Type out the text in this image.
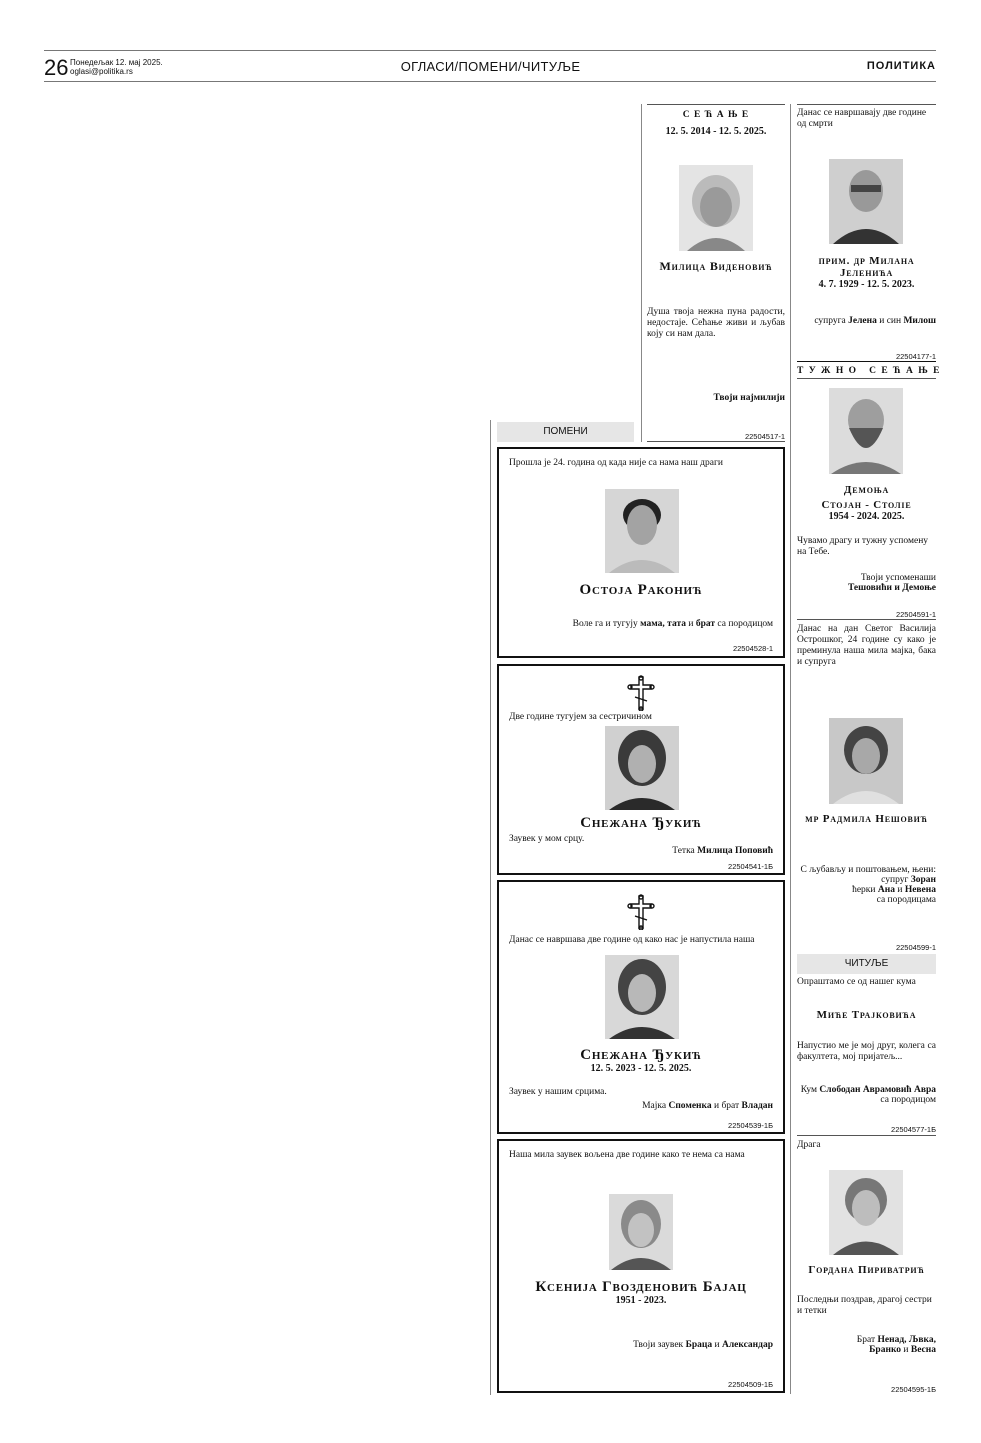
26 Понедељак 12. мај 2025.
oglasi@politika.rs	ОГЛАСИ/ПОМЕНИ/ЧИТУЉЕ	ПОЛИТИКА
С Е Ћ А Њ Е
12. 5. 2014 - 12. 5. 2025.
Милица Виденовић
Душа твоја нежна пуна радости, недостаје. Сећање живи и љубав коју си нам дала.
Твоји најмилији
22504517-1
Данас се навршавају две године од смрти
прим. др Милана
Јеленића
4. 7. 1929 - 12. 5. 2023.
супруга Јелена и син Милош
22504177-1
Т У Ж Н О   С Е Ћ А Њ Е
Демоња
Стојан - Століе
1954 - 2024. 2025.
Чувамо драгу и тужну успомену на Тебе.
Твоји успоменаши
Тешовићи и Демоње
22504591-1
Данас на дан Светог Василија Острошког, 24 године су како је преминула наша мила мајка, бака и супруга
мр Радмила Нешовић
С љубављу и поштовањем, њени:
супруг Зоран
ћерки Ана и Невена
са породицама
22504599-1
ЧИТУЉЕ
Опраштамо се од нашег кума
Миће Трајковића
Напустио ме је мој друг, колега са факултета, мој пријатељ...
Кум Слободан Аврамовић Авра
са породицом
22504577-1Б
Драга
Гордана Пириватрић
Последњи поздрав, драгој сестри и тетки
Брат Ненад, Љвка,
Бранко и Весна
22504595-1Б
ПОМЕНИ
Прошла је 24. година од када није са нама наш драги
Остоја Раконић
Воле га и тугују мама, тата и брат са породицом
22504528-1
Две године тугујем за сестричином
Снежана Ђукић
Заувек у мом срцу.
Тетка Милица Поповић
22504541-1Б
Данас се навршава две године од како нас је напустила наша
Снежана Ђукић
12. 5. 2023 - 12. 5. 2025.
Заувек у нашим срцима.
Мајка Споменка и брат Владан
22504539-1Б
Наша мила заувек вољена две године како те нема са нама
Ксенија Гвозденовић Бајац
1951 - 2023.
Твоји заувек Браца и Александар
22504509-1Б
